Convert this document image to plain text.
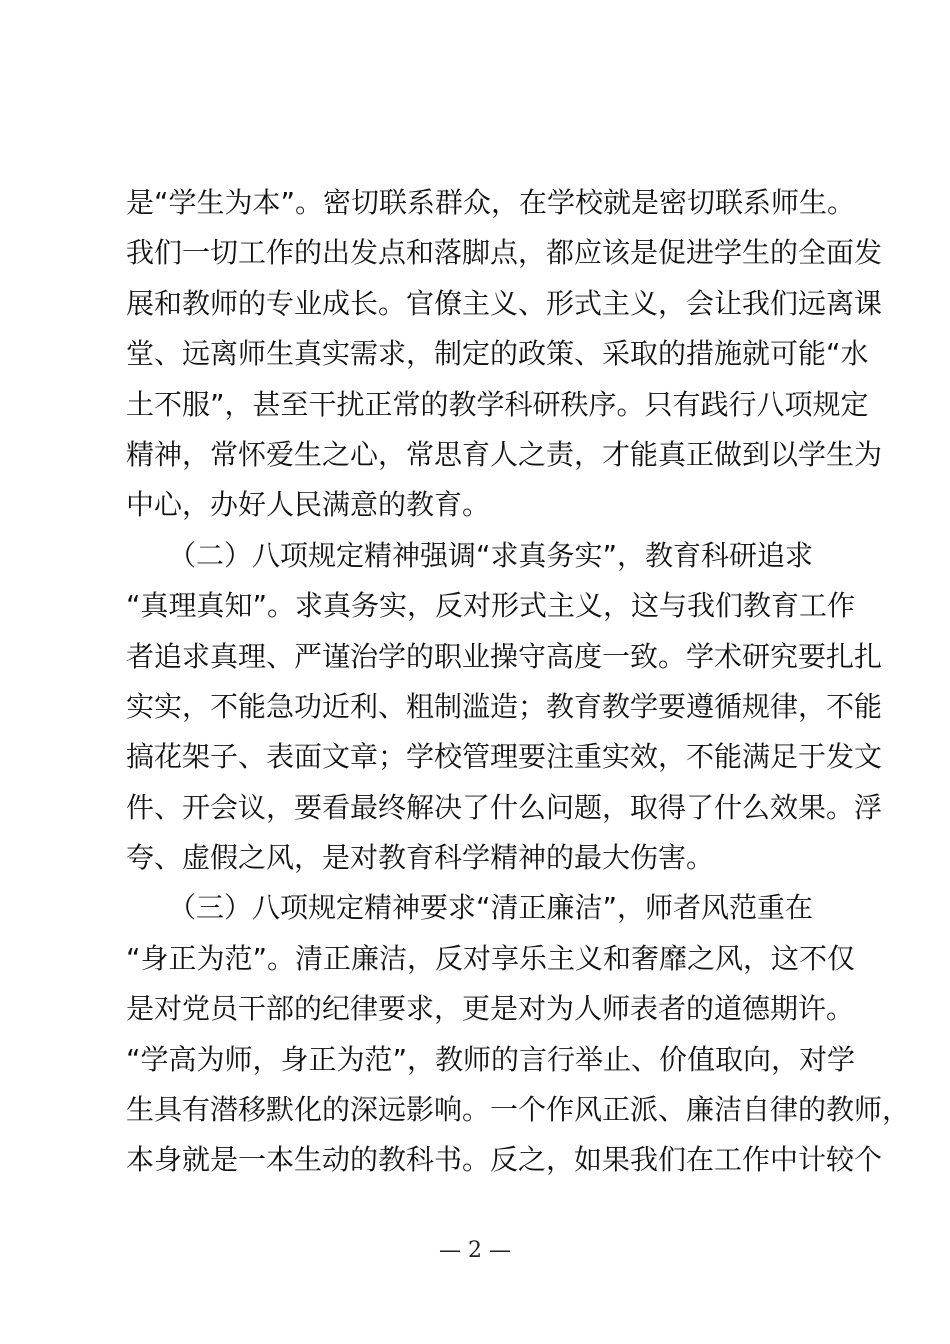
是“学生为本”。密切联系群众，在学校就是密切联系师生。
我们一切工作的出发点和落脚点，都应该是促进学生的全面发
展和教师的专业成长。官僚主义、形式主义，会让我们远离课
堂、远离师生真实需求，制定的政策、采取的措施就可能“水
土不服”，甚至干扰正常的教学科研秩序。只有践行八项规定
精神，常怀爱生之心，常思育人之责，才能真正做到以学生为
中心，办好人民满意的教育。
　　（二）八项规定精神强调“求真务实”，教育科研追求
“真理真知”。求真务实，反对形式主义，这与我们教育工作
者追求真理、严谨治学的职业操守高度一致。学术研究要扎扎
实实，不能急功近利、粗制滥造；教育教学要遵循规律，不能
搞花架子、表面文章；学校管理要注重实效，不能满足于发文
件、开会议，要看最终解决了什么问题，取得了什么效果。浮
夸、虚假之风，是对教育科学精神的最大伤害。
　　（三）八项规定精神要求“清正廉洁”，师者风范重在
“身正为范”。清正廉洁，反对享乐主义和奢靡之风，这不仅
是对党员干部的纪律要求，更是对为人师表者的道德期许。
“学高为师，身正为范”，教师的言行举止、价值取向，对学
生具有潜移默化的深远影响。一个作风正派、廉洁自律的教师，
本身就是一本生动的教科书。反之，如果我们在工作中计较个
— 2 —
